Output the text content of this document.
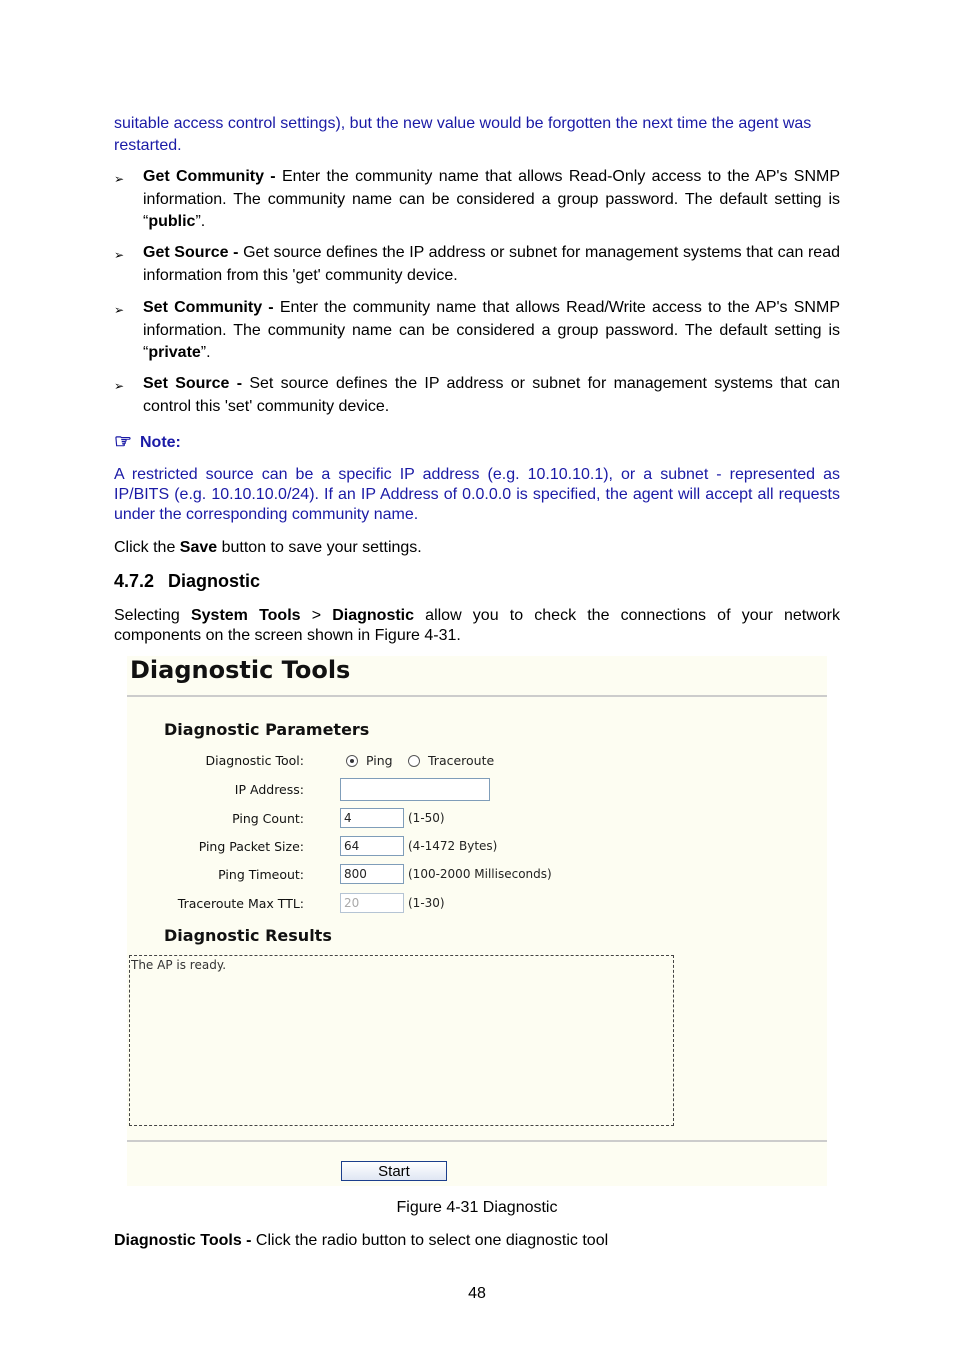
suitable access control settings), but the new value would be forgotten the next time the agent was
restarted.
➢ Get Community - Enter the community name that allows Read-Only access to the AP's SNMP information. The community name can be considered a group password. The default setting is “public”.
➢ Get Source - Get source defines the IP address or subnet for management systems that can read information from this 'get' community device.
➢ Set Community - Enter the community name that allows Read/Write access to the AP's SNMP information. The community name can be considered a group password. The default setting is “private”.
➢ Set Source - Set source defines the IP address or subnet for management systems that can control this 'set' community device.
☞ Note:
A restricted source can be a specific IP address (e.g. 10.10.10.1), or a subnet - represented as IP/BITS (e.g. 10.10.10.0/24). If an IP Address of 0.0.0.0 is specified, the agent will accept all requests under the corresponding community name.
Click the Save button to save your settings.
4.7.2 Diagnostic
Selecting System Tools > Diagnostic allow you to check the connections of your network components on the screen shown in Figure 4-31.
Diagnostic Tools
Diagnostic Parameters
Diagnostic Tool:	Ping	Traceroute
IP Address:
Ping Count:	4	(1-50)
Ping Packet Size:	64	(4-1472 Bytes)
Ping Timeout:	800	(100-2000 Milliseconds)
Traceroute Max TTL:	20	(1-30)
Diagnostic Results
The AP is ready.
Start
Figure 4-31 Diagnostic
Diagnostic Tools - Click the radio button to select one diagnostic tool
48
